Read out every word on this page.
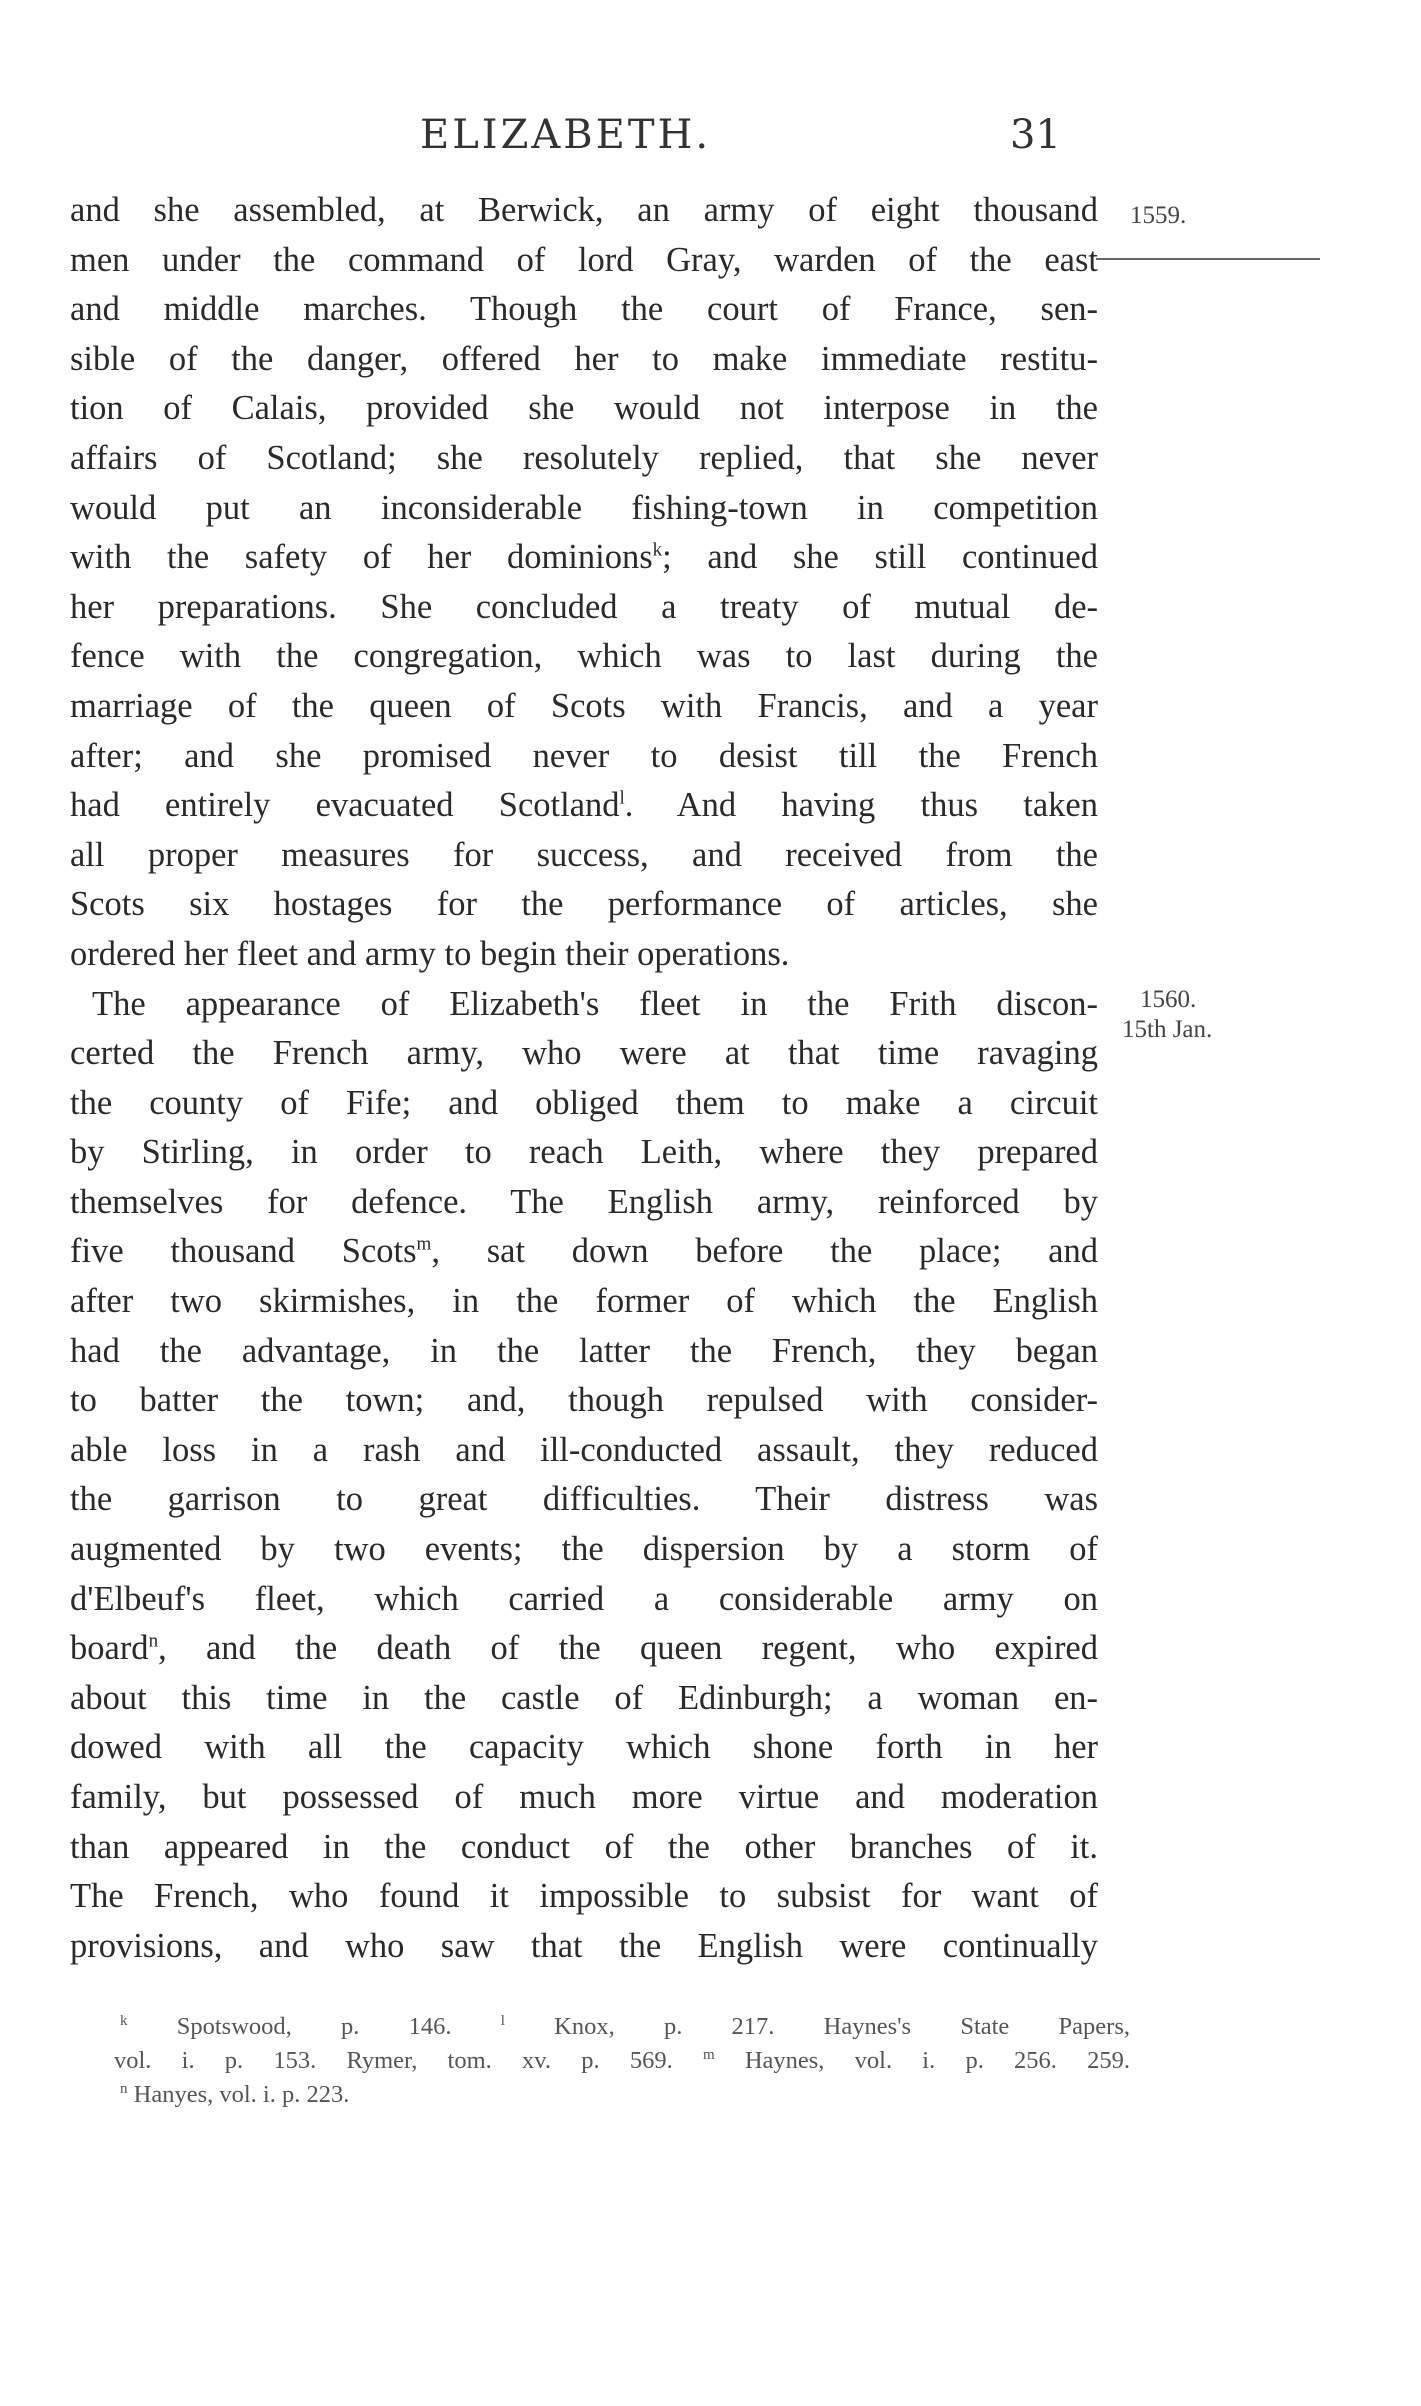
ELIZABETH.	31
1559.
1560.
15th Jan.
and she assembled, at Berwick, an army of eight thousand
men under the command of lord Gray, warden of the east
and middle marches. Though the court of France, sen-
sible of the danger, offered her to make immediate restitu-
tion of Calais, provided she would not interpose in the
affairs of Scotland; she resolutely replied, that she never
would put an inconsiderable fishing-town in competition
with the safety of her dominions$^k$; and she still continued
her preparations. She concluded a treaty of mutual de-
fence with the congregation, which was to last during the
marriage of the queen of Scots with Francis, and a year
after; and she promised never to desist till the French
had entirely evacuated Scotland$^l$. And having thus taken
all proper measures for success, and received from the
Scots six hostages for the performance of articles, she
ordered her fleet and army to begin their operations.
The appearance of Elizabeth's fleet in the Frith discon-
certed the French army, who were at that time ravaging
the county of Fife; and obliged them to make a circuit
by Stirling, in order to reach Leith, where they prepared
themselves for defence. The English army, reinforced by
five thousand Scots$^m$, sat down before the place; and
after two skirmishes, in the former of which the English
had the advantage, in the latter the French, they began
to batter the town; and, though repulsed with consider-
able loss in a rash and ill-conducted assault, they reduced
the garrison to great difficulties. Their distress was
augmented by two events; the dispersion by a storm of
d'Elbeuf's fleet, which carried a considerable army on
board$^n$, and the death of the queen regent, who expired
about this time in the castle of Edinburgh; a woman en-
dowed with all the capacity which shone forth in her
family, but possessed of much more virtue and moderation
than appeared in the conduct of the other branches of it.
The French, who found it impossible to subsist for want of
provisions, and who saw that the English were continually
$^k$ Spotswood, p. 146.	$^l$ Knox, p. 217. Haynes's State Papers,
vol. i. p. 153. Rymer, tom. xv. p. 569. $^m$ Haynes, vol. i. p. 256. 259.
$^n$ Hanyes, vol. i. p. 223.
